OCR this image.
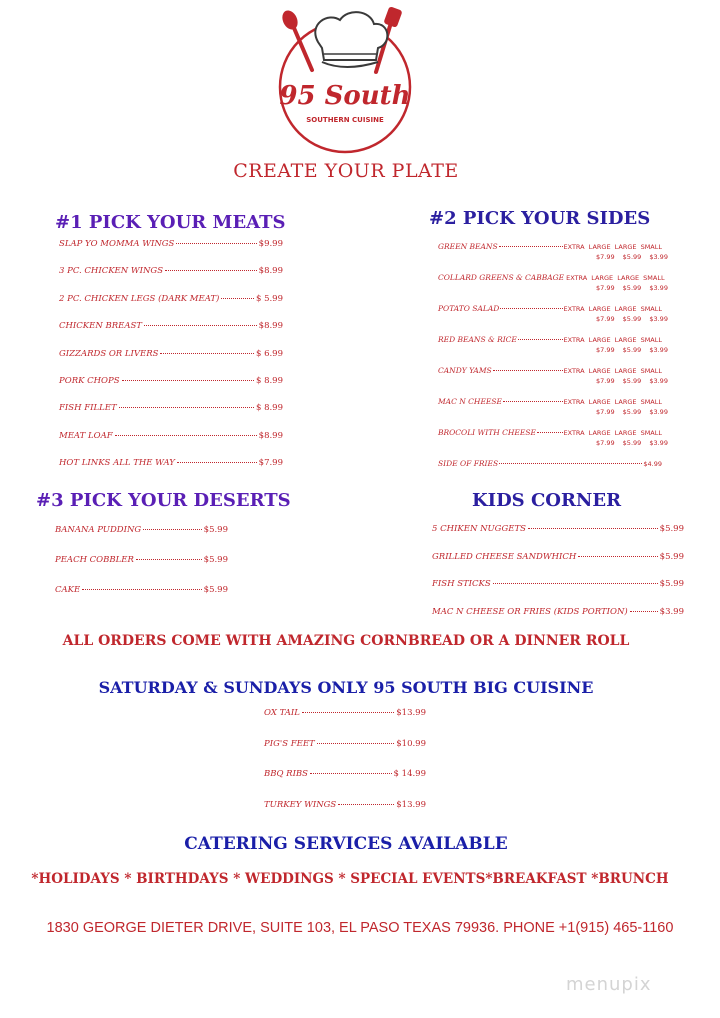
95 South
SOUTHERN CUISINE
CREATE YOUR PLATE
#1 PICK YOUR MEATS
SLAP YO MOMMA WINGS	$9.99
3 PC. CHICKEN WINGS	$8.99
2 PC. CHICKEN LEGS (DARK MEAT)	$ 5.99
CHICKEN BREAST	$8.99
GIZZARDS OR LIVERS	$ 6.99
PORK CHOPS	$ 8.99
FISH FILLET	$ 8.99
MEAT LOAF	$8.99
HOT LINKS ALL THE WAY	$7.99
#2 PICK YOUR SIDES
GREEN BEANS	EXTRA LARGE LARGE SMALL
$7.99 $5.99 $3.99
COLLARD GREENS & CABBAGE EXTRA LARGE LARGE SMALL
$7.99 $5.99 $3.99
POTATO SALAD	EXTRA LARGE LARGE SMALL
$7.99 $5.99 $3.99
RED BEANS & RICE	EXTRA LARGE LARGE SMALL
$7.99 $5.99 $3.99
CANDY YAMS	EXTRA LARGE LARGE SMALL
$7.99 $5.99 $3.99
MAC N CHEESE	EXTRA LARGE LARGE SMALL
$7.99 $5.99 $3.99
BROCOLI WITH CHEESE	EXTRA LARGE LARGE SMALL
$7.99 $5.99 $3.99
SIDE OF FRIES	$4.99
#3 PICK YOUR DESERTS
BANANA PUDDING	$5.99
PEACH COBBLER	$5.99
CAKE	$5.99
KIDS CORNER
5 CHIKEN NUGGETS	$5.99
GRILLED CHEESE SANDWHICH	$5.99
FISH STICKS	$5.99
MAC N CHEESE OR FRIES (KIDS PORTION)	$3.99
ALL ORDERS COME WITH AMAZING CORNBREAD OR A DINNER ROLL
SATURDAY & SUNDAYS ONLY 95 SOUTH BIG CUISINE
OX TAIL	$13.99
PIG'S FEET	$10.99
BBQ RIBS	$ 14.99
TURKEY WINGS	$13.99
CATERING SERVICES AVAILABLE
*HOLIDAYS * BIRTHDAYS * WEDDINGS * SPECIAL EVENTS*BREAKFAST *BRUNCH
1830 GEORGE DIETER DRIVE, SUITE 103, EL PASO TEXAS 79936. PHONE +1(915) 465-1160
menupix
